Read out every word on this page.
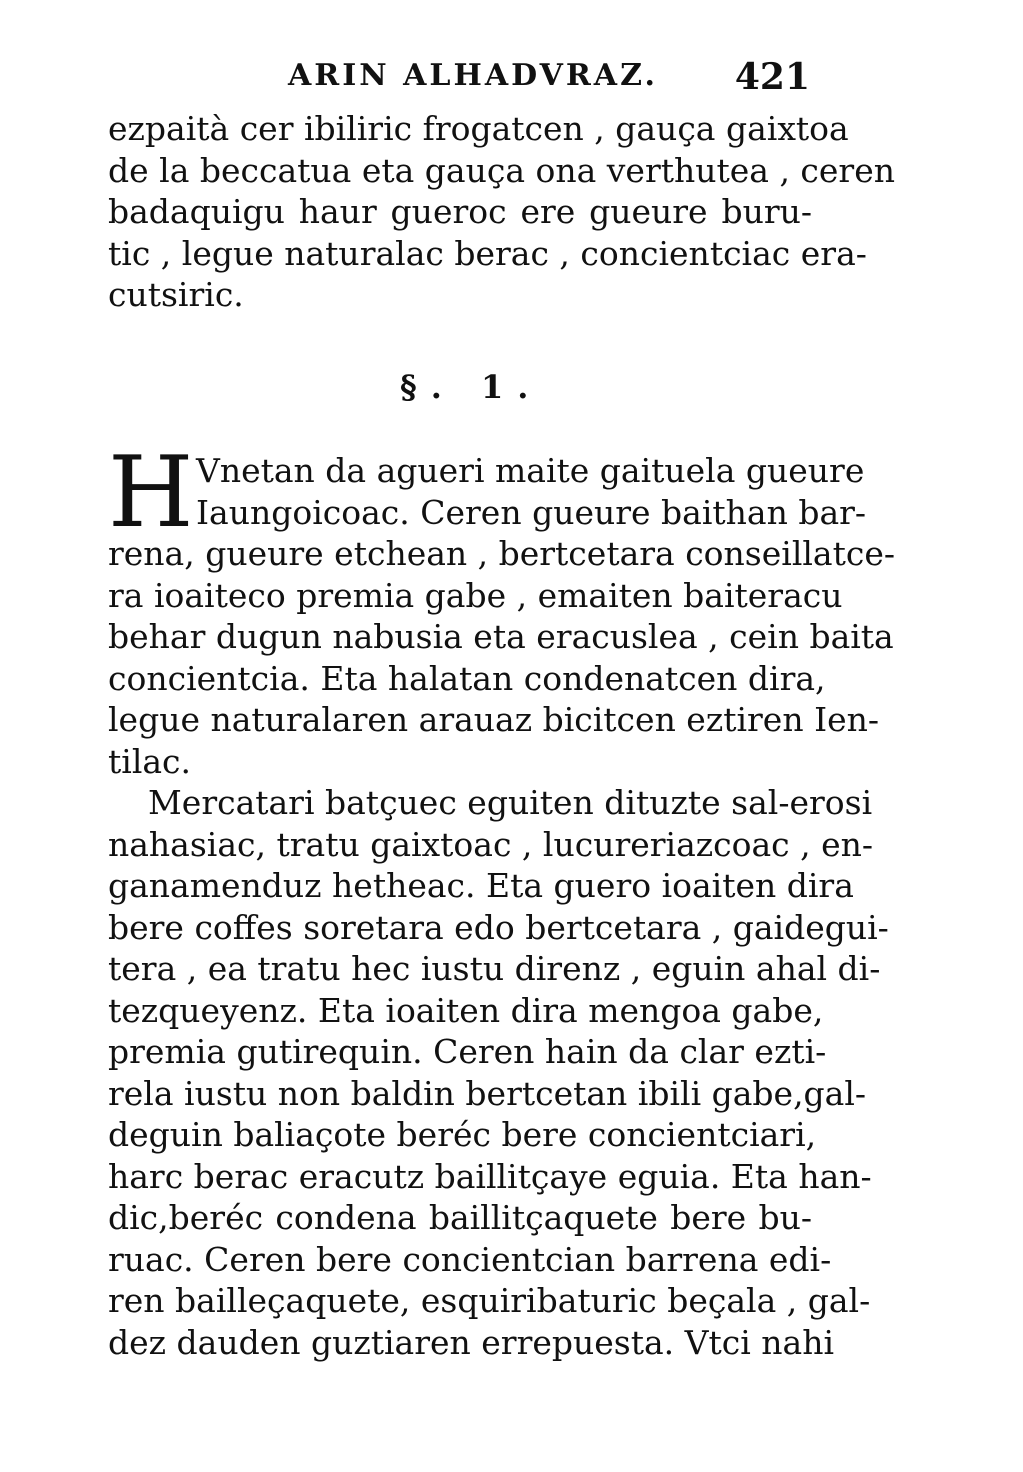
ARIN ALHADVRAZ. 421
ezpaità cer ibiliric frogatcen , gauça gaixtoa
de la beccatua eta gauça ona verthutea , ceren
badaquigu haur gueroc ere gueure buru-
tic , legue naturalac berac , concientciac era-
cutsiric.
§. 1.
H Vnetan da agueri maite gaituela gueure
Iaungoicoac. Ceren gueure baithan bar-
rena, gueure etchean , bertcetara conseillatce-
ra ioaiteco premia gabe , emaiten baiteracu
behar dugun nabusia eta eracuslea , cein baita
concientcia. Eta halatan condenatcen dira,
legue naturalaren arauaz bicitcen eztiren Ien-
tilac.
Mercatari batçuec eguiten dituzte sal-erosi
nahasiac, tratu gaixtoac , lucureriazcoac , en-
ganamenduz hetheac. Eta guero ioaiten dira
bere coffes soretara edo bertcetara , gaidegui-
tera , ea tratu hec iustu direnz , eguin ahal di-
tezqueyenz. Eta ioaiten dira mengoa gabe,
premia gutirequin. Ceren hain da clar ezti-
rela iustu non baldin bertcetan ibili gabe,gal-
deguin baliaçote beréc bere concientciari,
harc berac eracutz baillitçaye eguia. Eta han-
dic,beréc condena baillitçaquete bere bu-
ruac. Ceren bere concientcian barrena edi-
ren bailleçaquete, esquiribaturic beçala , gal-
dez dauden guztiaren errepuesta. Vtci nahi
